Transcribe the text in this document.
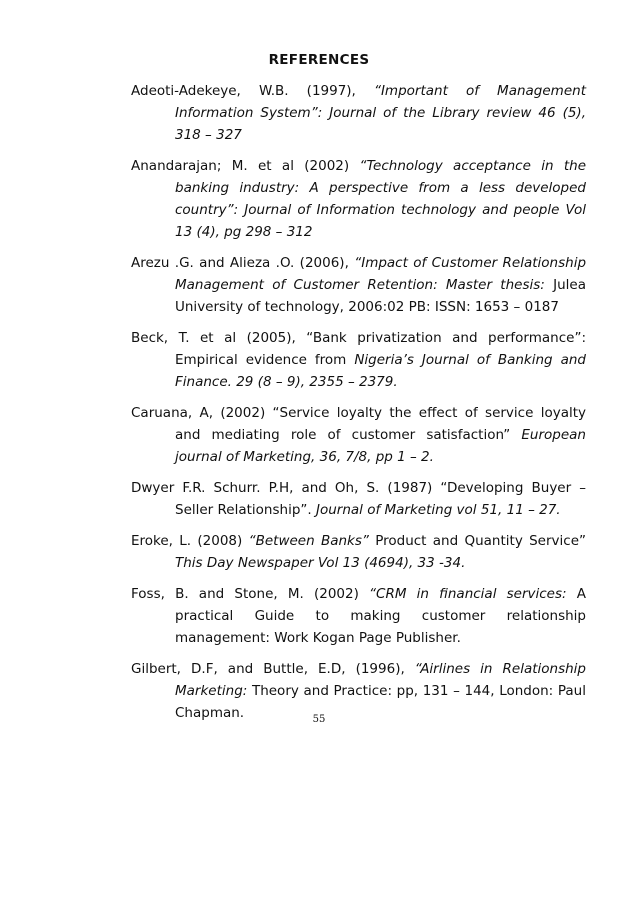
REFERENCES

Adeoti-Adekeye, W.B. (1997), “Important of Management Information System”: Journal of the Library review 46 (5), 318 – 327

Anandarajan; M. et al (2002) “Technology acceptance in the banking industry: A perspective from a less developed country”: Journal of Information technology and people Vol 13 (4), pg 298 – 312

Arezu .G. and Alieza .O. (2006), “Impact of Customer Relationship Management of Customer Retention: Master thesis: Julea University of technology, 2006:02 PB: ISSN: 1653 – 0187

Beck, T. et al (2005), “Bank privatization and performance”: Empirical evidence from Nigeria’s Journal of Banking and Finance. 29 (8 – 9), 2355 – 2379.

Caruana, A, (2002) “Service loyalty the effect of service loyalty and mediating role of customer satisfaction” European journal of Marketing, 36, 7/8, pp 1 – 2.

Dwyer F.R. Schurr. P.H, and Oh, S. (1987) “Developing Buyer – Seller Relationship”. Journal of Marketing vol 51, 11 – 27.

Eroke, L. (2008) “Between Banks” Product and Quantity Service” This Day Newspaper Vol 13 (4694), 33 -34.

Foss, B. and Stone, M. (2002) “CRM in financial services: A practical Guide to making customer relationship management: Work Kogan Page Publisher.

Gilbert, D.F, and Buttle, E.D, (1996), “Airlines in Relationship Marketing: Theory and Practice: pp, 131 – 144, London: Paul Chapman.	55
